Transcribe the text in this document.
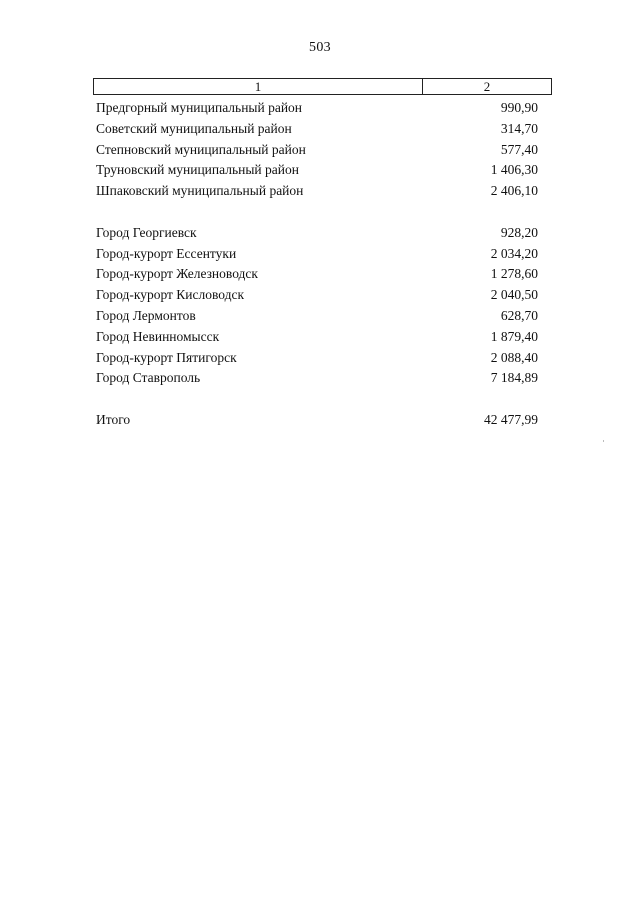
503
1	2
Предгорный муниципальный район	990,90
Советский муниципальный район	314,70
Степновский муниципальный район	577,40
Труновский муниципальный район	1 406,30
Шпаковский муниципальный район	2 406,10
Город Георгиевск	928,20
Город-курорт Ессентуки	2 034,20
Город-курорт Железноводск	1 278,60
Город-курорт Кисловодск	2 040,50
Город Лермонтов	628,70
Город Невинномысск	1 879,40
Город-курорт Пятигорск	2 088,40
Город Ставрополь	7 184,89
Итого	42 477,99
